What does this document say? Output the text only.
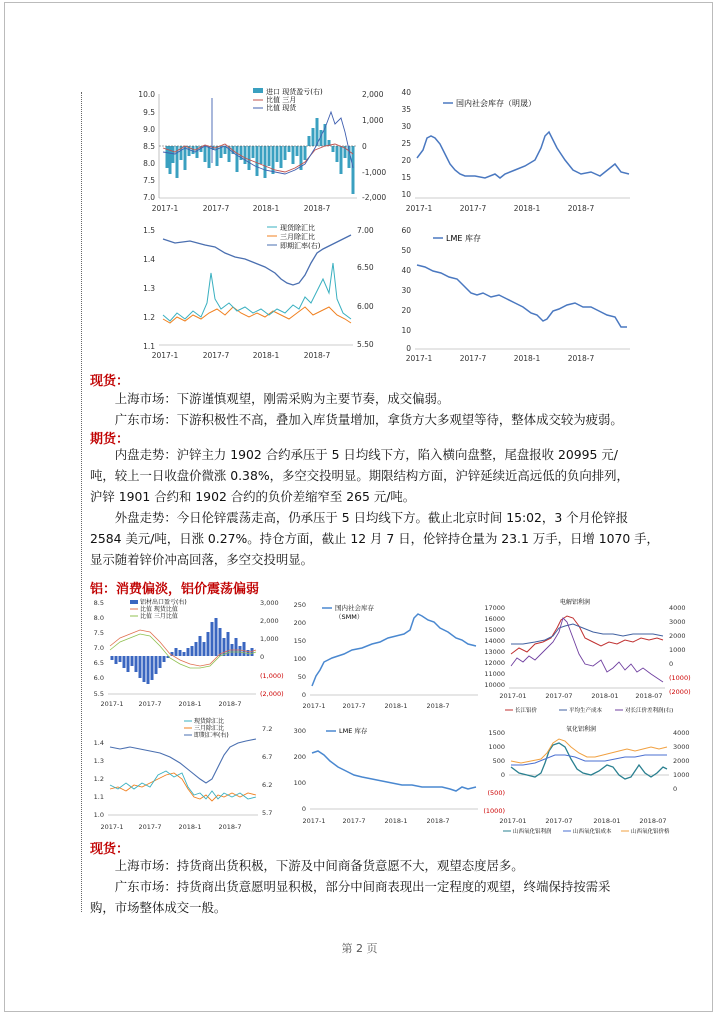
10.0
9.5
9.0
8.5
8.0
7.5
7.0
2,000
1,000
0
-1,000
-2,000
2017-1	2017-7	2018-1	2018-7
进口 现货盈亏(右)
比值 三月
比值 现货
40
35
30
25
20
15
10
2017-1	2017-7	2018-1	2018-7
国内社会库存（明晟）
1.5
1.4
1.3
1.2
1.1
7.00
6.50
6.00
5.50
2017-1	2017-7	2018-1	2018-7
现货除汇比
三月除汇比
即期汇率(右)
60
50
40
30
20
10
0
2017-1	2017-7	2018-1	2018-7
LME 库存
现货：
上海市场：下游谨慎观望，刚需采购为主要节奏，成交偏弱。
广东市场：下游积极性不高，叠加入库货量增加，拿货方大多观望等待，整体成交较为疲弱。
期货：
内盘走势：沪锌主力 1902 合约承压于 5 日均线下方，陷入横向盘整，尾盘报收 20995 元/
吨，较上一日收盘价微涨 0.38%，多空交投明显。期限结构方面，沪锌延续近高远低的负向排列，
沪锌 1901 合约和 1902 合约的负价差缩窄至 265 元/吨。
外盘走势：今日伦锌震荡走高，仍承压于 5 日均线下方。截止北京时间 15:02，3 个月伦锌报
2584 美元/吨，日涨 0.27%。持仓方面，截止 12 月 7 日，伦锌持仓量为 23.1 万手，日增 1070 手，
显示随着锌价冲高回落，多空交投明显。
铝：消费偏淡，铝价震荡偏弱
8.5
8.0
7.5
7.0
6.5
6.0
5.5
3,000
2,000
1,000
0
(1,000)
(2,000)
2017-1 2017-7	2018-1	2018-7
铝材出口盈亏(右)
比值 现货比值
比值 三月比值
250
200
150
100
50
0
2017-1	2017-7	2018-1	2018-7
国内社会库存
（SMM）
电解铝利润
17000
16000
15000
14000
13000
12000
11000
10000
4000
3000
2000
1000
0
(1000)
(2000)
2017-01	2017-07	2018-01	2018-07
长江铝价	平均生产成本	对长江价差利润(右)
1.4
1.3
1.2
1.1
1.0
7.2
6.7
6.2
5.7
2017-1 2017-7	2018-1	2018-7
现货除汇比
三月除汇比
即期汇率(右)
300
200
100
0
2017-1	2017-7	2018-1	2018-7
LME 库存	氧化铝利润
1500
1000
500
0
(500)
(1000)
4000
3000
2000
1000
0
2017-01	2017-07	2018-01	2018-07
山西氧化铝利润	山西氧化铝成本	山西氧化铝价格
现货：
上海市场：持货商出货积极，下游及中间商备货意愿不大，观望态度居多。
广东市场：持货商出货意愿明显积极，部分中间商表现出一定程度的观望，终端保持按需采
购，市场整体成交一般。
第 2 页
